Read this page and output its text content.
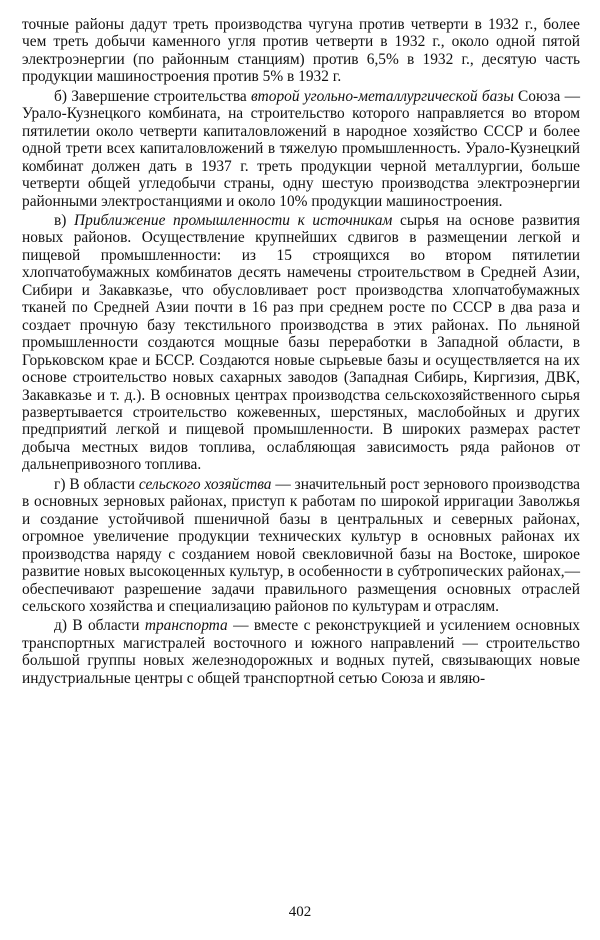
точные районы дадут треть производства чугуна против четверти в 1932 г., более чем треть добычи каменного угля против четверти в 1932 г., около одной пятой электроэнергии (по районным станциям) против 6,5% в 1932 г., десятую часть продукции машиностроения против 5% в 1932 г.

б) Завершение строительства второй угольно-металлургической базы Союза — Урало-Кузнецкого комбината, на строительство которого направляется во втором пятилетии около четверти капиталовложений в народное хозяйство СССР и более одной трети всех капиталовложений в тяжелую промышленность. Урало-Кузнецкий комбинат должен дать в 1937 г. треть продукции черной металлургии, больше четверти общей угледобычи страны, одну шестую производства электроэнергии районными электростанциями и около 10% продукции машиностроения.

в) Приближение промышленности к источникам сырья на основе развития новых районов. Осуществление крупнейших сдвигов в размещении легкой и пищевой промышленности: из 15 строящихся во втором пятилетии хлопчатобумажных комбинатов десять намечены строительством в Средней Азии, Сибири и Закавказье, что обусловливает рост производства хлопчатобумажных тканей по Средней Азии почти в 16 раз при среднем росте по СССР в два раза и создает прочную базу текстильного производства в этих районах. По льняной промышленности создаются мощные базы переработки в Западной области, в Горьковском крае и БССР. Создаются новые сырьевые базы и осуществляется на их основе строительство новых сахарных заводов (Западная Сибирь, Киргизия, ДВК, Закавказье и т. д.). В основных центрах производства сельскохозяйственного сырья развертывается строительство кожевенных, шерстяных, маслобойных и других предприятий легкой и пищевой промышленности. В широких размерах растет добыча местных видов топлива, ослабляющая зависимость ряда районов от дальнепривозного топлива.

г) В области сельского хозяйства — значительный рост зернового производства в основных зерновых районах, приступ к работам по широкой ирригации Заволжья и создание устойчивой пшеничной базы в центральных и северных районах, огромное увеличение продукции технических культур в основных районах их производства наряду с созданием новой свекловичной базы на Востоке, широкое развитие новых высокоценных культур, в особенности в субтропических районах,— обеспечивают разрешение задачи правильного размещения основных отраслей сельского хозяйства и специализацию районов по культурам и отраслям.

д) В области транспорта — вместе с реконструкцией и усилением основных транспортных магистралей восточного и южного направлений — строительство большой группы новых железнодорожных и водных путей, связывающих новые индустриальные центры с общей транспортной сетью Союза и являю-

402
